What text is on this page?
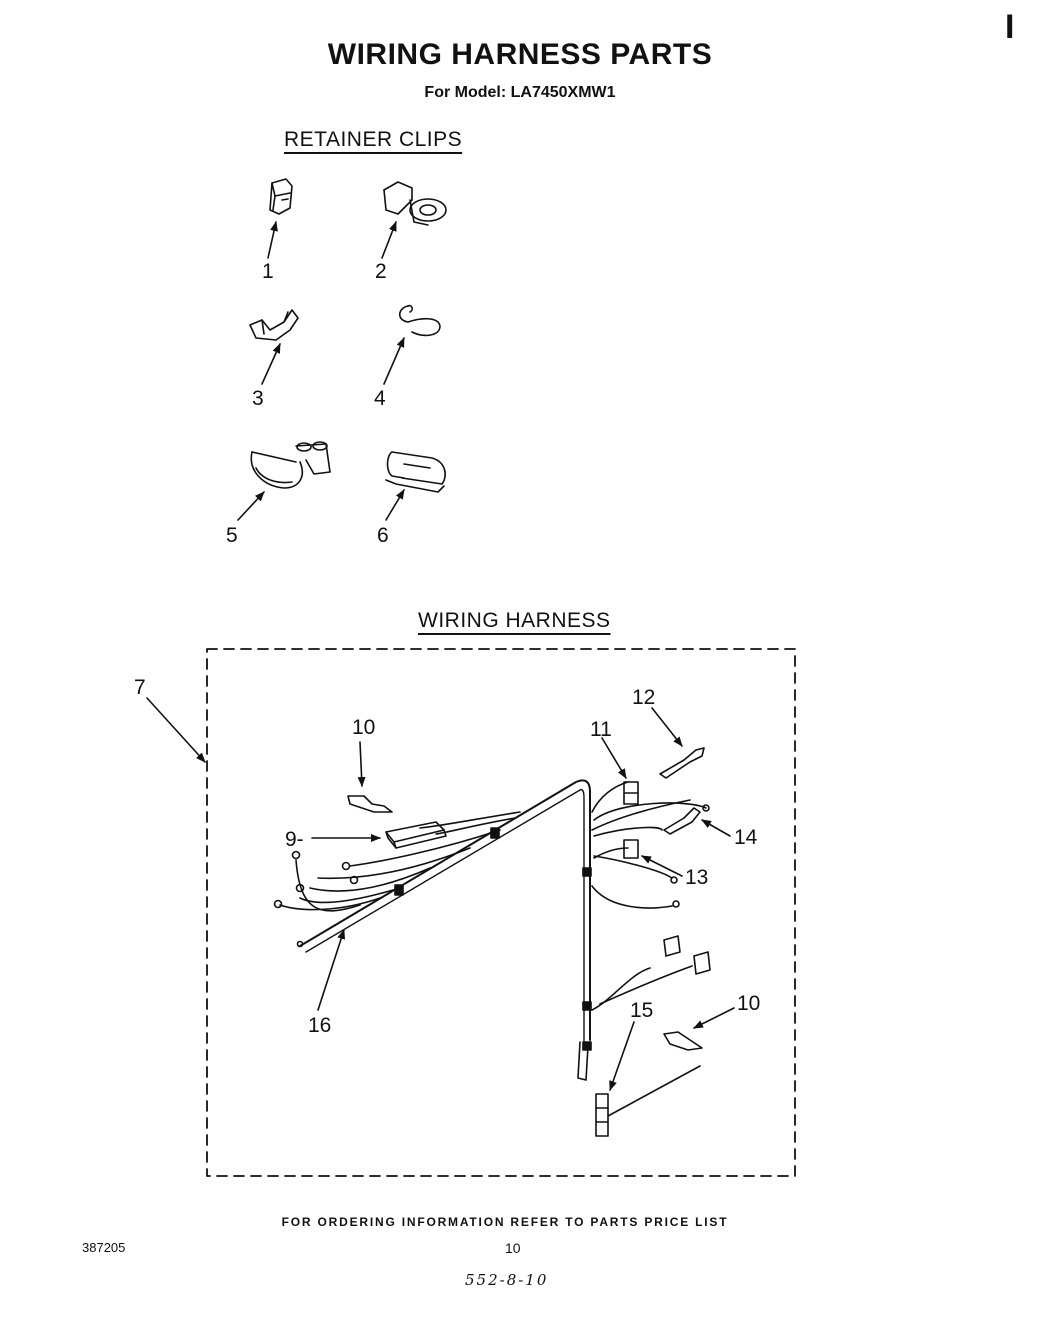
I
WIRING HARNESS PARTS
For Model: LA7450XMW1
RETAINER CLIPS
WIRING HARNESS
1	2
3	4
5	6
7
9-
10
10
11
12
13
14
15
16
FOR ORDERING INFORMATION REFER TO PARTS PRICE LIST
387205	10
552-8-10
